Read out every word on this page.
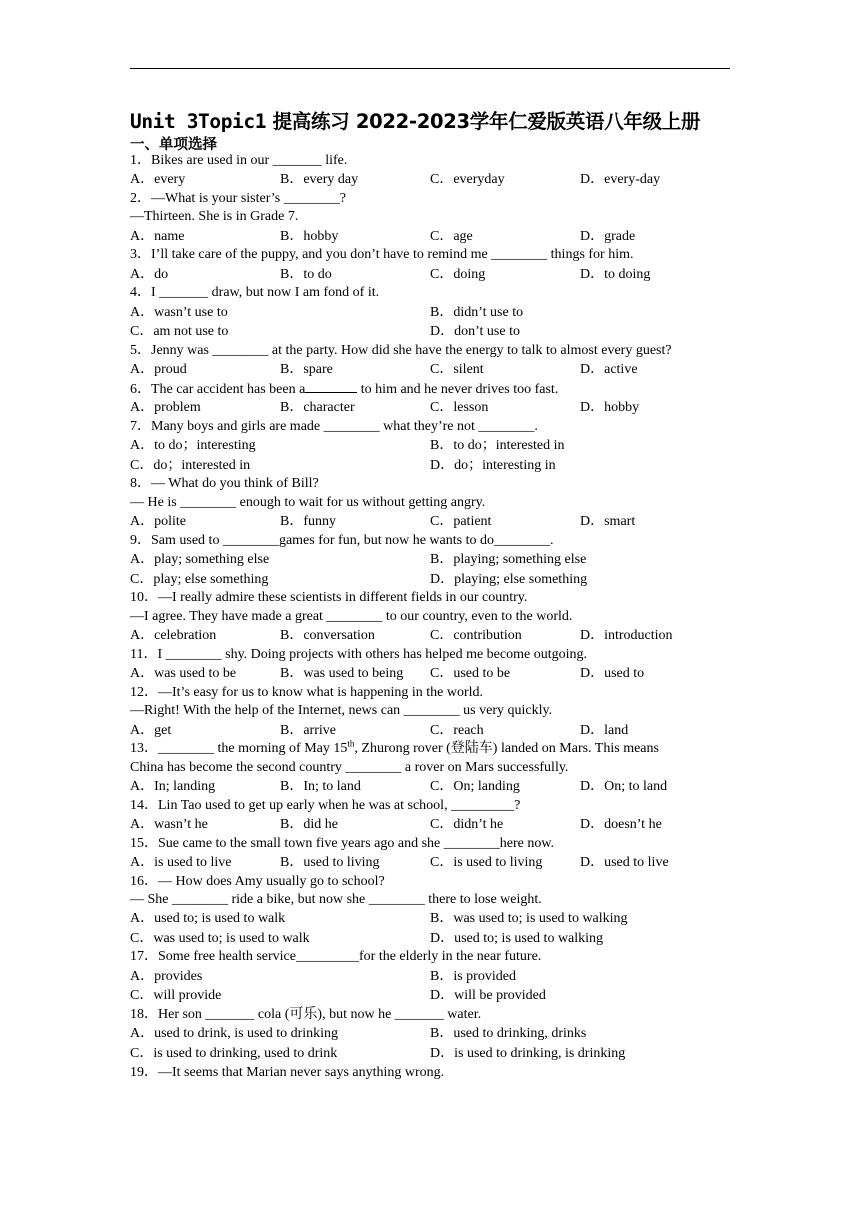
Unit 3Topic1 提高练习 2022-2023学年仁爱版英语八年级上册
一、单项选择
1．Bikes are used in our _______ life.
A．every	B．every day	C．everyday	D．every-day
2．—What is your sister’s ________?
—Thirteen. She is in Grade 7.
A．name	B．hobby	C．age	D．grade
3．I’ll take care of the puppy, and you don’t have to remind me ________ things for him.
A．do	B．to do	C．doing	D．to doing
4．I _______ draw, but now I am fond of it.
A．wasn’t use to	B．didn’t use to
C．am not use to	D．don’t use to
5．Jenny was ________ at the party. How did she have the energy to talk to almost every guest?
A．proud	B．spare	C．silent	D．active
6．The car accident has been a	to him and he never drives too fast.
A．problem	B．character	C．lesson	D．hobby
7．Many boys and girls are made ________ what they’re not ________.
A．to do；interesting	B．to do；interested in
C．do；interested in	D．do；interesting in
8．— What do you think of Bill?
— He is ________ enough to wait for us without getting angry.
A．polite	B．funny	C．patient	D．smart
9．Sam used to ________games for fun, but now he wants to do________.
A．play; something else	B．playing; something else
C．play; else something	D．playing; else something
10．—I really admire these scientists in different fields in our country.
—I agree. They have made a great ________ to our country, even to the world.
A．celebration	B．conversation	C．contribution	D．introduction
11．I ________ shy. Doing projects with others has helped me become outgoing.
A．was used to be	B．was used to being	C．used to be	D．used to
12．—It’s easy for us to know what is happening in the world.
—Right! With the help of the Internet, news can ________ us very quickly.
A．get	B．arrive	C．reach	D．land
13．________ the morning of May 15th, Zhurong rover (登陆车) landed on Mars. This means
China has become the second country ________ a rover on Mars successfully.
A．In; landing	B．In; to land	C．On; landing	D．On; to land
14．Lin Tao used to get up early when he was at school, _________?
A．wasn’t he	B．did he	C．didn’t he	D．doesn’t he
15．Sue came to the small town five years ago and she ________here now.
A．is used to live	B．used to living	C．is used to living	D．used to live
16．— How does Amy usually go to school?
— She ________ ride a bike, but now she ________ there to lose weight.
A．used to; is used to walk	B．was used to; is used to walking
C．was used to; is used to walk	D．used to; is used to walking
17．Some free health service_________for the elderly in the near future.
A．provides	B．is provided
C．will provide	D．will be provided
18．Her son _______ cola (可乐), but now he _______ water.
A．used to drink, is used to drinking	B．used to drinking, drinks
C．is used to drinking, used to drink	D．is used to drinking, is drinking
19．—It seems that Marian never says anything wrong.
